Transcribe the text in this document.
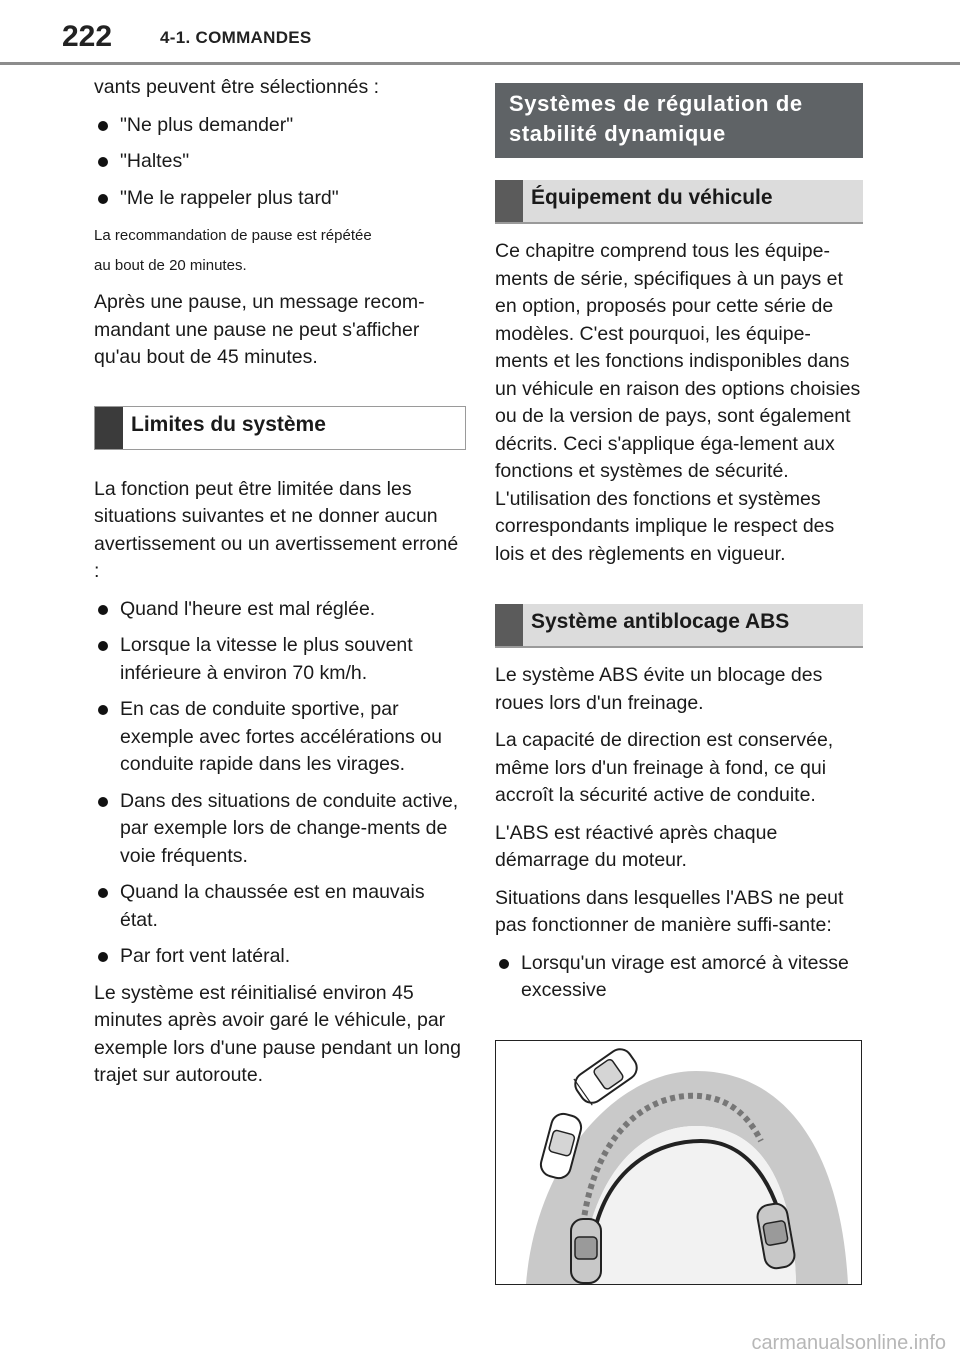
222	4-1. COMMANDES

vants peuvent être sélectionnés :

"Ne plus demander"
"Haltes"
"Me le rappeler plus tard"

La recommandation de pause est répétée

au bout de 20 minutes.

Après une pause, un message recom-mandant une pause ne peut s'afficher qu'au bout de 45 minutes.

Limites du système

La fonction peut être limitée dans les situations suivantes et ne donner aucun avertissement ou un avertissement erroné :

Quand l'heure est mal réglée.
Lorsque la vitesse le plus souvent inférieure à environ 70 km/h.
En cas de conduite sportive, par exemple avec fortes accélérations ou conduite rapide dans les virages.
Dans des situations de conduite active, par exemple lors de change-ments de voie fréquents.
Quand la chaussée est en mauvais état.
Par fort vent latéral.

Le système est réinitialisé environ 45 minutes après avoir garé le véhicule, par exemple lors d'une pause pendant un long trajet sur autoroute.

Systèmes de régulation de stabilité dynamique
Équipement du véhicule

Ce chapitre comprend tous les équipe-ments de série, spécifiques à un pays et en option, proposés pour cette série de modèles. C'est pourquoi, les équipe-ments et les fonctions indisponibles dans un véhicule en raison des options choisies ou de la version de pays, sont également décrits. Ceci s'applique éga-lement aux fonctions et systèmes de sécurité. L'utilisation des fonctions et systèmes correspondants implique le respect des lois et des règlements en vigueur.

Système antiblocage ABS

Le système ABS évite un blocage des roues lors d'un freinage.

La capacité de direction est conservée, même lors d'un freinage à fond, ce qui accroît la sécurité active de conduite.

L'ABS est réactivé après chaque démarrage du moteur.

Situations dans lesquelles l'ABS ne peut pas fonctionner de manière suffi-sante:

Lorsqu'un virage est amorcé à vitesse excessive
carmanualsonline.info
